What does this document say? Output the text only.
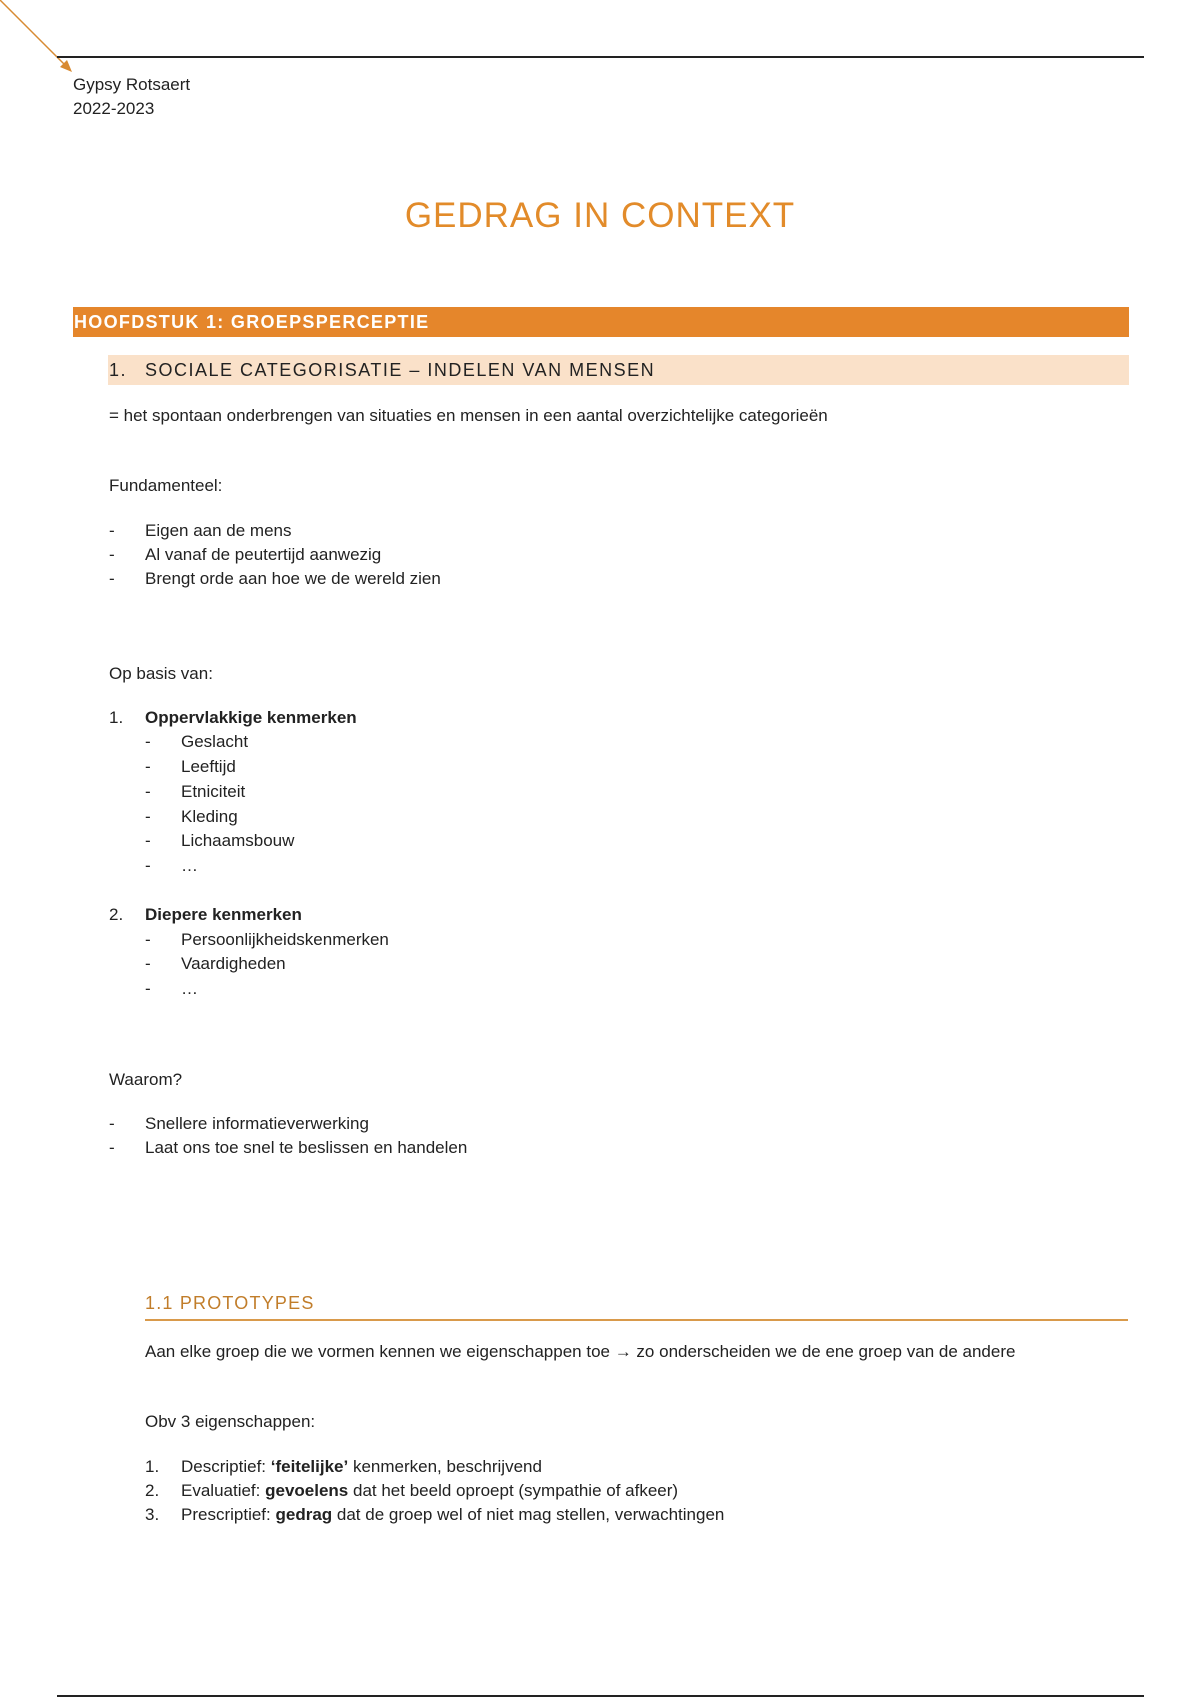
Gypsy Rotsaert
2022-2023
GEDRAG IN CONTEXT
HOOFDSTUK 1: GROEPSPERCEPTIE
1. SOCIALE CATEGORISATIE – INDELEN VAN MENSEN
= het spontaan onderbrengen van situaties en mensen in een aantal overzichtelijke categorieën
Fundamenteel:
- Eigen aan de mens
- Al vanaf de peutertijd aanwezig
- Brengt orde aan hoe we de wereld zien
Op basis van:
1. Oppervlakkige kenmerken
- Geslacht
- Leeftijd
- Etniciteit
- Kleding
- Lichaamsbouw
- …
2. Diepere kenmerken
- Persoonlijkheidskenmerken
- Vaardigheden
- …
Waarom?
- Snellere informatieverwerking
- Laat ons toe snel te beslissen en handelen
1.1 PROTOTYPES
Aan elke groep die we vormen kennen we eigenschappen toe → zo onderscheiden we de ene groep van de andere
Obv 3 eigenschappen:
1. Descriptief: ‘feitelijke’ kenmerken, beschrijvend
2. Evaluatief: gevoelens dat het beeld oproept (sympathie of afkeer)
3. Prescriptief: gedrag dat de groep wel of niet mag stellen, verwachtingen
